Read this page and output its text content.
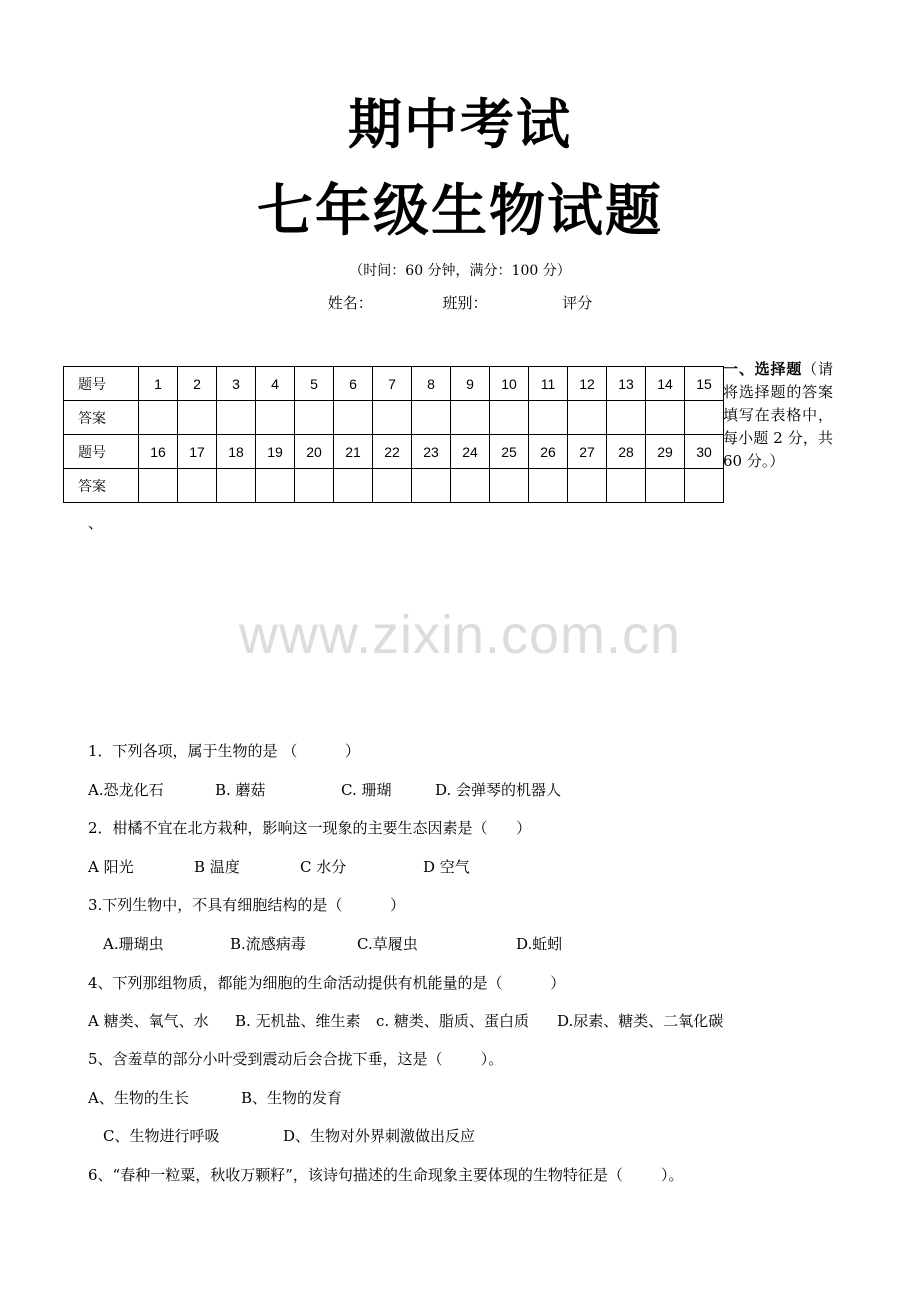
期中考试
七年级生物试题
（时间：60 分钟，满分：100 分）
姓名：	班别：	评分
题号	1	2	3	4	5	6	7	8	9	10	11	12	13	14	15
答案															
题号	16	17	18	19	20	21	22	23	24	25	26	27	28	29	30
答案															
一、选择题（请将选择题的答案填写在表格中，每小题 2 分，共 60 分。）
、
www.zixin.com.cn
1．下列各项，属于生物的是 （          ）
A.恐龙化石	B. 蘑菇	C. 珊瑚	D. 会弹琴的机器人
2．柑橘不宜在北方栽种，影响这一现象的主要生态因素是（      ）
A 阳光	B 温度	C 水分	D 空气
3.下列生物中，不具有细胞结构的是（          ）
A.珊瑚虫	B.流感病毒	C.草履虫	D.蚯蚓
4、下列那组物质，都能为细胞的生命活动提供有机能量的是（          ）
A 糖类、氧气、水 B. 无机盐、维生素 c. 糖类、脂质、蛋白质 D.尿素、糖类、二氧化碳
5、含羞草的部分小叶受到震动后会合拢下垂，这是（        ）。
A、生物的生长	B、生物的发育
C、生物进行呼吸	D、生物对外界刺激做出反应
6、“春种一粒粟，秋收万颗籽”，该诗句描述的生命现象主要体现的生物特征是（        ）。
